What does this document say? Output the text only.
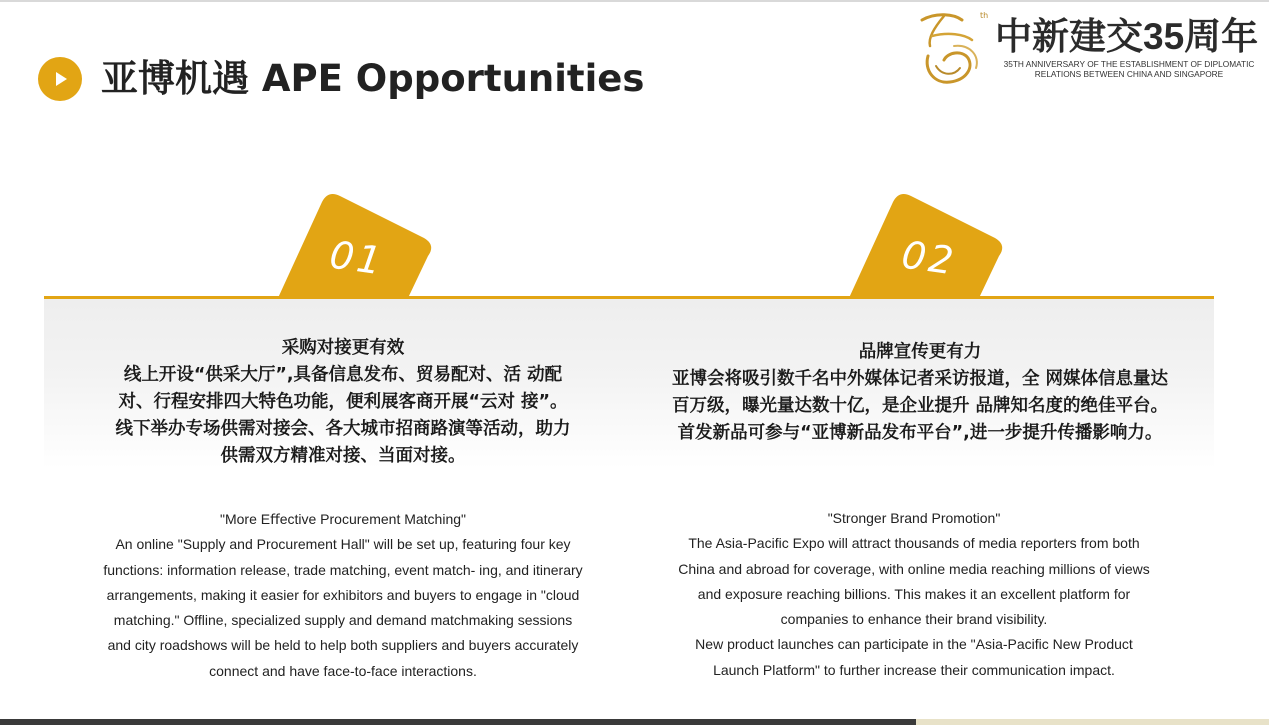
亚博机遇 APE Opportunities
th
中新建交35周年
35TH ANNIVERSARY OF THE ESTABLISHMENT OF DIPLOMATIC
RELATIONS BETWEEN CHINA AND SINGAPORE
01	02
采购对接更有效
线上开设“供采大厅”,具备信息发布、贸易配对、活 动配
对、行程安排四大特色功能，便利展客商开展“云对 接”。
线下举办专场供需对接会、各大城市招商路演等活动，助力
供需双方精准对接、当面对接。
品牌宣传更有力
亚博会将吸引数千名中外媒体记者采访报道，全 网媒体信息量达
百万级，曝光量达数十亿，是企业提升 品牌知名度的绝佳平台。
首发新品可参与“亚博新品发布平台”,进一步提升传播影响力。
"More Eﬀective Procurement Matching"
An online "Supply and Procurement Hall" will be set up, featuring four key
functions: information release, trade matching, event match- ing, and itinerary
arrangements, making it easier for exhibitors and buyers to engage in "cloud
matching." Offline, specialized supply and demand matchmaking sessions
and city roadshows will be held to help both suppliers and buyers accurately
connect and have face-to-face interactions.
"Stronger Brand Promotion"
The Asia-Pacific Expo will attract thousands of media reporters from both
China and abroad for coverage, with online media reaching millions of views
and exposure reaching billions. This makes it an excellent platform for
companies to enhance their brand visibility.
New product launches can participate in the "Asia-Pacific New Product
Launch Platform" to further increase their communication impact.
